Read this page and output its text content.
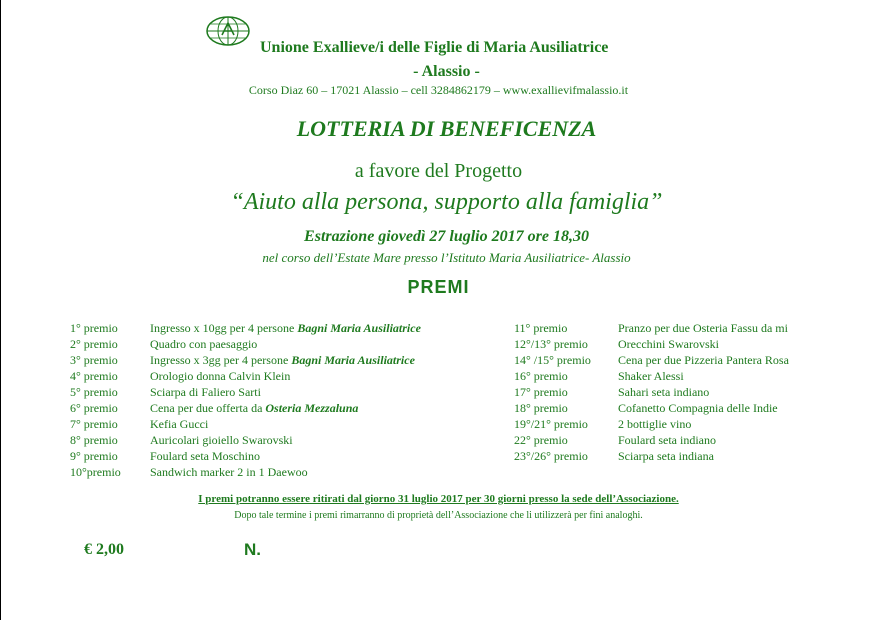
Unione Exallieve/i delle Figlie di Maria Ausiliatrice
- Alassio -
Corso Diaz 60 – 17021 Alassio – cell 3284862179 – www.exallievifmalassio.it
LOTTERIA DI BENEFICENZA
a favore del Progetto
“Aiuto alla persona, supporto alla famiglia”
Estrazione giovedì 27 luglio 2017 ore 18,30
nel corso dell’Estate Mare presso l’Istituto Maria Ausiliatrice- Alassio
PREMI
1° premio	Ingresso x 10gg per 4 persone Bagni Maria Ausiliatrice
2° premio	Quadro con paesaggio
3° premio	Ingresso x 3gg per 4 persone Bagni Maria Ausiliatrice
4° premio	Orologio donna Calvin Klein
5° premio	Sciarpa di Faliero Sarti
6° premio	Cena per due offerta da Osteria Mezzaluna
7° premio	Kefia Gucci
8° premio	Auricolari gioiello Swarovski
9° premio	Foulard seta Moschino
10°premio Sandwich marker 2 in 1 Daewoo
11° premio	Pranzo per due Osteria Fassu da mi
12°/13° premio	Orecchini Swarovski
14° /15° premio Cena per due Pizzeria Pantera Rosa
16° premio	Shaker Alessi
17° premio	Sahari seta indiano
18° premio	Cofanetto Compagnia delle Indie
19°/21° premio	2 bottiglie vino
22° premio	Foulard seta indiano
23°/26° premio	Sciarpa seta indiana
I premi potranno essere ritirati dal giorno 31 luglio 2017 per 30 giorni presso la sede dell’Associazione.
Dopo tale termine i premi rimarranno di proprietà dell’Associazione che li utilizzerà per fini analoghi.
€ 2,00	N.
